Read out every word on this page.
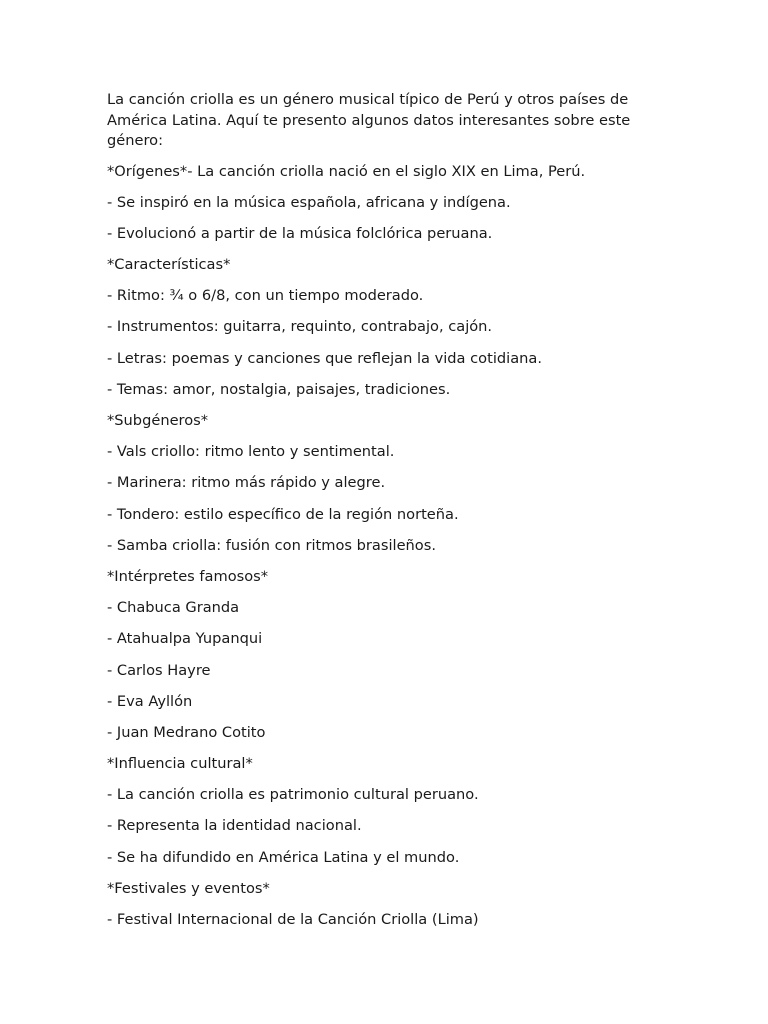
La canción criolla es un género musical típico de Perú y otros países de América Latina. Aquí te presento algunos datos interesantes sobre este género:

*Orígenes*- La canción criolla nació en el siglo XIX en Lima, Perú.

- Se inspiró en la música española, africana y indígena.

- Evolucionó a partir de la música folclórica peruana.

*Características*

- Ritmo: ¾ o 6/8, con un tiempo moderado.

- Instrumentos: guitarra, requinto, contrabajo, cajón.

- Letras: poemas y canciones que reflejan la vida cotidiana.

- Temas: amor, nostalgia, paisajes, tradiciones.

*Subgéneros*

- Vals criollo: ritmo lento y sentimental.

- Marinera: ritmo más rápido y alegre.

- Tondero: estilo específico de la región norteña.

- Samba criolla: fusión con ritmos brasileños.

*Intérpretes famosos*

- Chabuca Granda

- Atahualpa Yupanqui

- Carlos Hayre

- Eva Ayllón

- Juan Medrano Cotito

*Influencia cultural*

- La canción criolla es patrimonio cultural peruano.

- Representa la identidad nacional.

- Se ha difundido en América Latina y el mundo.

*Festivales y eventos*

- Festival Internacional de la Canción Criolla (Lima)
